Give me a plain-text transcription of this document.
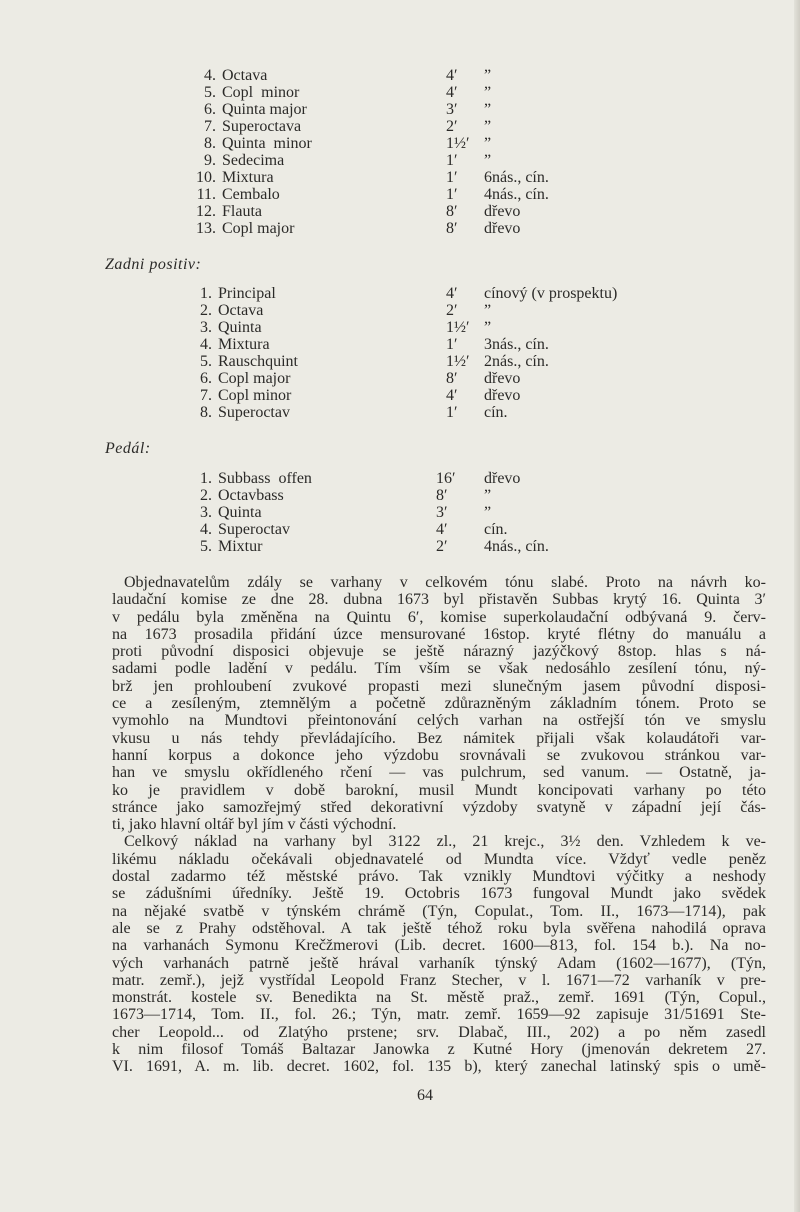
4. Octava	4′ ”
5. Copl  minor	4′ ”
6. Quinta major	3′ ”
7. Superoctava	2′ ”
8. Quinta  minor	1½′ ”
9. Sedecima	1′ ”
10. Mixtura	1′ 6nás., cín.
11. Cembalo	1′ 4nás., cín.
12. Flauta	8′ dřevo
13. Copl major	8′ dřevo
Zadni positiv:
1. Principal	4′ cínový (v prospektu)
2. Octava	2′ ”
3. Quinta	1½′ ”
4. Mixtura	1′ 3nás., cín.
5. Rauschquint	1½′ 2nás., cín.
6. Copl major	8′ dřevo
7. Copl minor	4′ dřevo
8. Superoctav	1′ cín.
Pedál:
1. Subbass  offen	16′ dřevo
2. Octavbass	8′ ”
3. Quinta	3′ ”
4. Superoctav	4′ cín.
5. Mixtur	2′ 4nás., cín.
Objednavatelům zdály se varhany v celkovém tónu slabé. Proto na návrh ko-
laudační komise ze dne 28. dubna 1673 byl přistavěn Subbas krytý 16. Quinta 3′
v pedálu byla změněna na Quintu 6′, komise superkolaudační odbývaná 9. červ-
na 1673 prosadila přidání úzce mensurované 16stop. kryté flétny do manuálu a
proti původní disposici objevuje se ještě nárazný jazýčkový 8stop. hlas s ná-
sadami podle ladění v pedálu. Tím vším se však nedosáhlo zesílení tónu, ný-
brž jen prohloubení zvukové propasti mezi slunečným jasem původní disposi-
ce a zesíleným, ztemnělým a početně zdůrazněným základním tónem. Proto se
vymohlo na Mundtovi přeintonování celých varhan na ostřejší tón ve smyslu
vkusu u nás tehdy převládajícího. Bez námitek přijali však kolaudátoři var-
hanní korpus a dokonce jeho výzdobu srovnávali se zvukovou stránkou var-
han ve smyslu okřídleného rčení — vas pulchrum, sed vanum. — Ostatně, ja-
ko je pravidlem v době barokní, musil Mundt koncipovati varhany po této
stránce jako samozřejmý střed dekorativní výzdoby svatyně v západní její čás-
ti, jako hlavní oltář byl jím v části východní.
Celkový náklad na varhany byl 3122 zl., 21 krejc., 3½ den. Vzhledem k ve-
likému nákladu očekávali objednavatelé od Mundta více. Vždyť vedle peněz
dostal zadarmo též městské právo. Tak vznikly Mundtovi výčitky a neshody
se zádušními úředníky. Ještě 19. Octobris 1673 fungoval Mundt jako svědek
na nějaké svatbě v týnském chrámě (Týn, Copulat., Tom. II., 1673—1714), pak
ale se z Prahy odstěhoval. A tak ještě téhož roku byla svěřena nahodilá oprava
na varhanách Symonu Krečžmerovi (Lib. decret. 1600—813, fol. 154 b.). Na no-
vých varhanách patrně ještě hrával varhaník týnský Adam (1602—1677), (Týn,
matr. zemř.), jejž vystřídal Leopold Franz Stecher, v l. 1671—72 varhaník v pre-
monstrát. kostele sv. Benedikta na St. městě praž., zemř. 1691 (Týn, Copul.,
1673—1714, Tom. II., fol. 26.; Týn, matr. zemř. 1659—92 zapisuje 31/51691 Ste-
cher Leopold... od Zlatýho prstene; srv. Dlabač, III., 202) a po něm zasedl
k nim filosof Tomáš Baltazar Janowka z Kutné Hory (jmenován dekretem 27.
VI. 1691, A. m. lib. decret. 1602, fol. 135 b), který zanechal latinský spis o umě-
64
